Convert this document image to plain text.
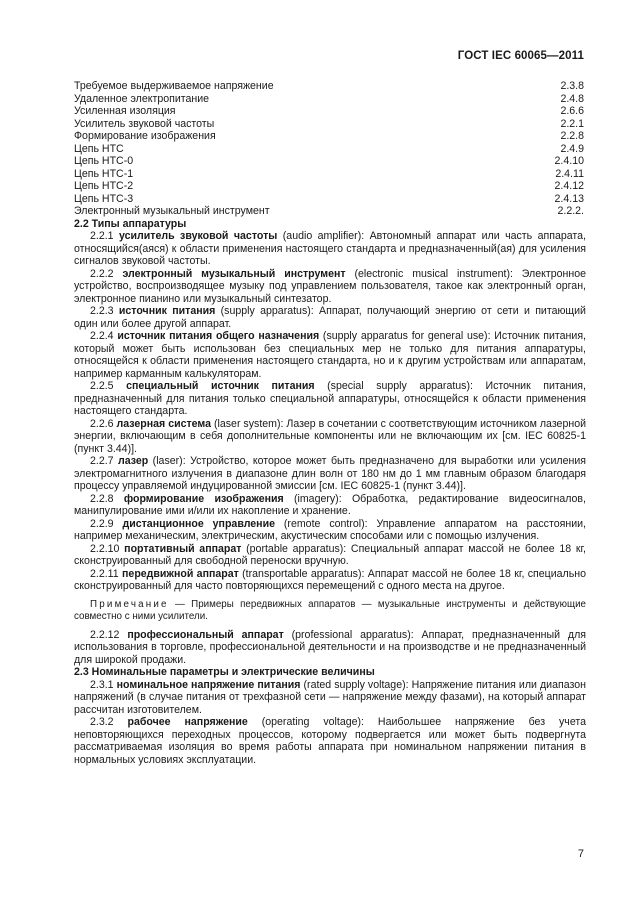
ГОСТ IEC 60065—2011
Требуемое выдерживаемое напряжение	2.3.8
Удаленное электропитание	2.4.8
Усиленная изоляция	2.6.6
Усилитель звуковой частоты	2.2.1
Формирование изображения	2.2.8
Цепь НТС	2.4.9
Цепь НТС-0	2.4.10
Цепь НТС-1	2.4.11
Цепь НТС-2	2.4.12
Цепь НТС-3	2.4.13
Электронный музыкальный инструмент	2.2.2.
2.2 Типы аппаратуры

2.2.1 усилитель звуковой частоты (audio amplifier): Автономный аппарат или часть аппарата, относящийся(аяся) к области применения настоящего стандарта и предназначенный(ая) для усиления сигналов звуковой частоты.

2.2.2 электронный музыкальный инструмент (electronic musical instrument): Электронное устройство, воспроизводящее музыку под управлением пользователя, такое как электронный орган, электронное пианино или музыкальный синтезатор.

2.2.3 источник питания (supply apparatus): Аппарат, получающий энергию от сети и питающий один или более другой аппарат.

2.2.4 источник питания общего назначения (supply apparatus for general use): Источник питания, который может быть использован без специальных мер не только для питания аппаратуры, относящейся к области применения настоящего стандарта, но и к другим устройствам или аппаратам, например карманным калькуляторам.

2.2.5 специальный источник питания (special supply apparatus): Источник питания, предназначенный для питания только специальной аппаратуры, относящейся к области применения настоящего стандарта.

2.2.6 лазерная система (laser system): Лазер в сочетании с соответствующим источником лазерной энергии, включающим в себя дополнительные компоненты или не включающим их [см. IEC 60825-1 (пункт 3.44)].

2.2.7 лазер (laser): Устройство, которое может быть предназначено для выработки или усиления электромагнитного излучения в диапазоне длин волн от 180 нм до 1 мм главным образом благодаря процессу управляемой индуцированной эмиссии [см. IEC 60825-1 (пункт 3.44)].

2.2.8 формирование изображения (imagery): Обработка, редактирование видеосигналов, манипулирование ими и/или их накопление и хранение.

2.2.9 дистанционное управление (remote control): Управление аппаратом на расстоянии, например механическим, электрическим, акустическим способами или с помощью излучения.

2.2.10 портативный аппарат (portable apparatus): Специальный аппарат массой не более 18 кг, сконструированный для свободной переноски вручную.

2.2.11 передвижной аппарат (transportable apparatus): Аппарат массой не более 18 кг, специально сконструированный для часто повторяющихся перемещений с одного места на другое.

Примечание — Примеры передвижных аппаратов — музыкальные инструменты и действующие совместно с ними усилители.

2.2.12 профессиональный аппарат (professional apparatus): Аппарат, предназначенный для использования в торговле, профессиональной деятельности и на производстве и не предназначенный для широкой продажи.

2.3 Номинальные параметры и электрические величины

2.3.1 номинальное напряжение питания (rated supply voltage): Напряжение питания или диапазон напряжений (в случае питания от трехфазной сети — напряжение между фазами), на который аппарат рассчитан изготовителем.

2.3.2 рабочее напряжение (operating voltage): Наибольшее напряжение без учета неповторяющихся переходных процессов, которому подвергается или может быть подвергнута рассматриваемая изоляция во время работы аппарата при номинальном напряжении питания в нормальных условиях эксплуатации.

7
